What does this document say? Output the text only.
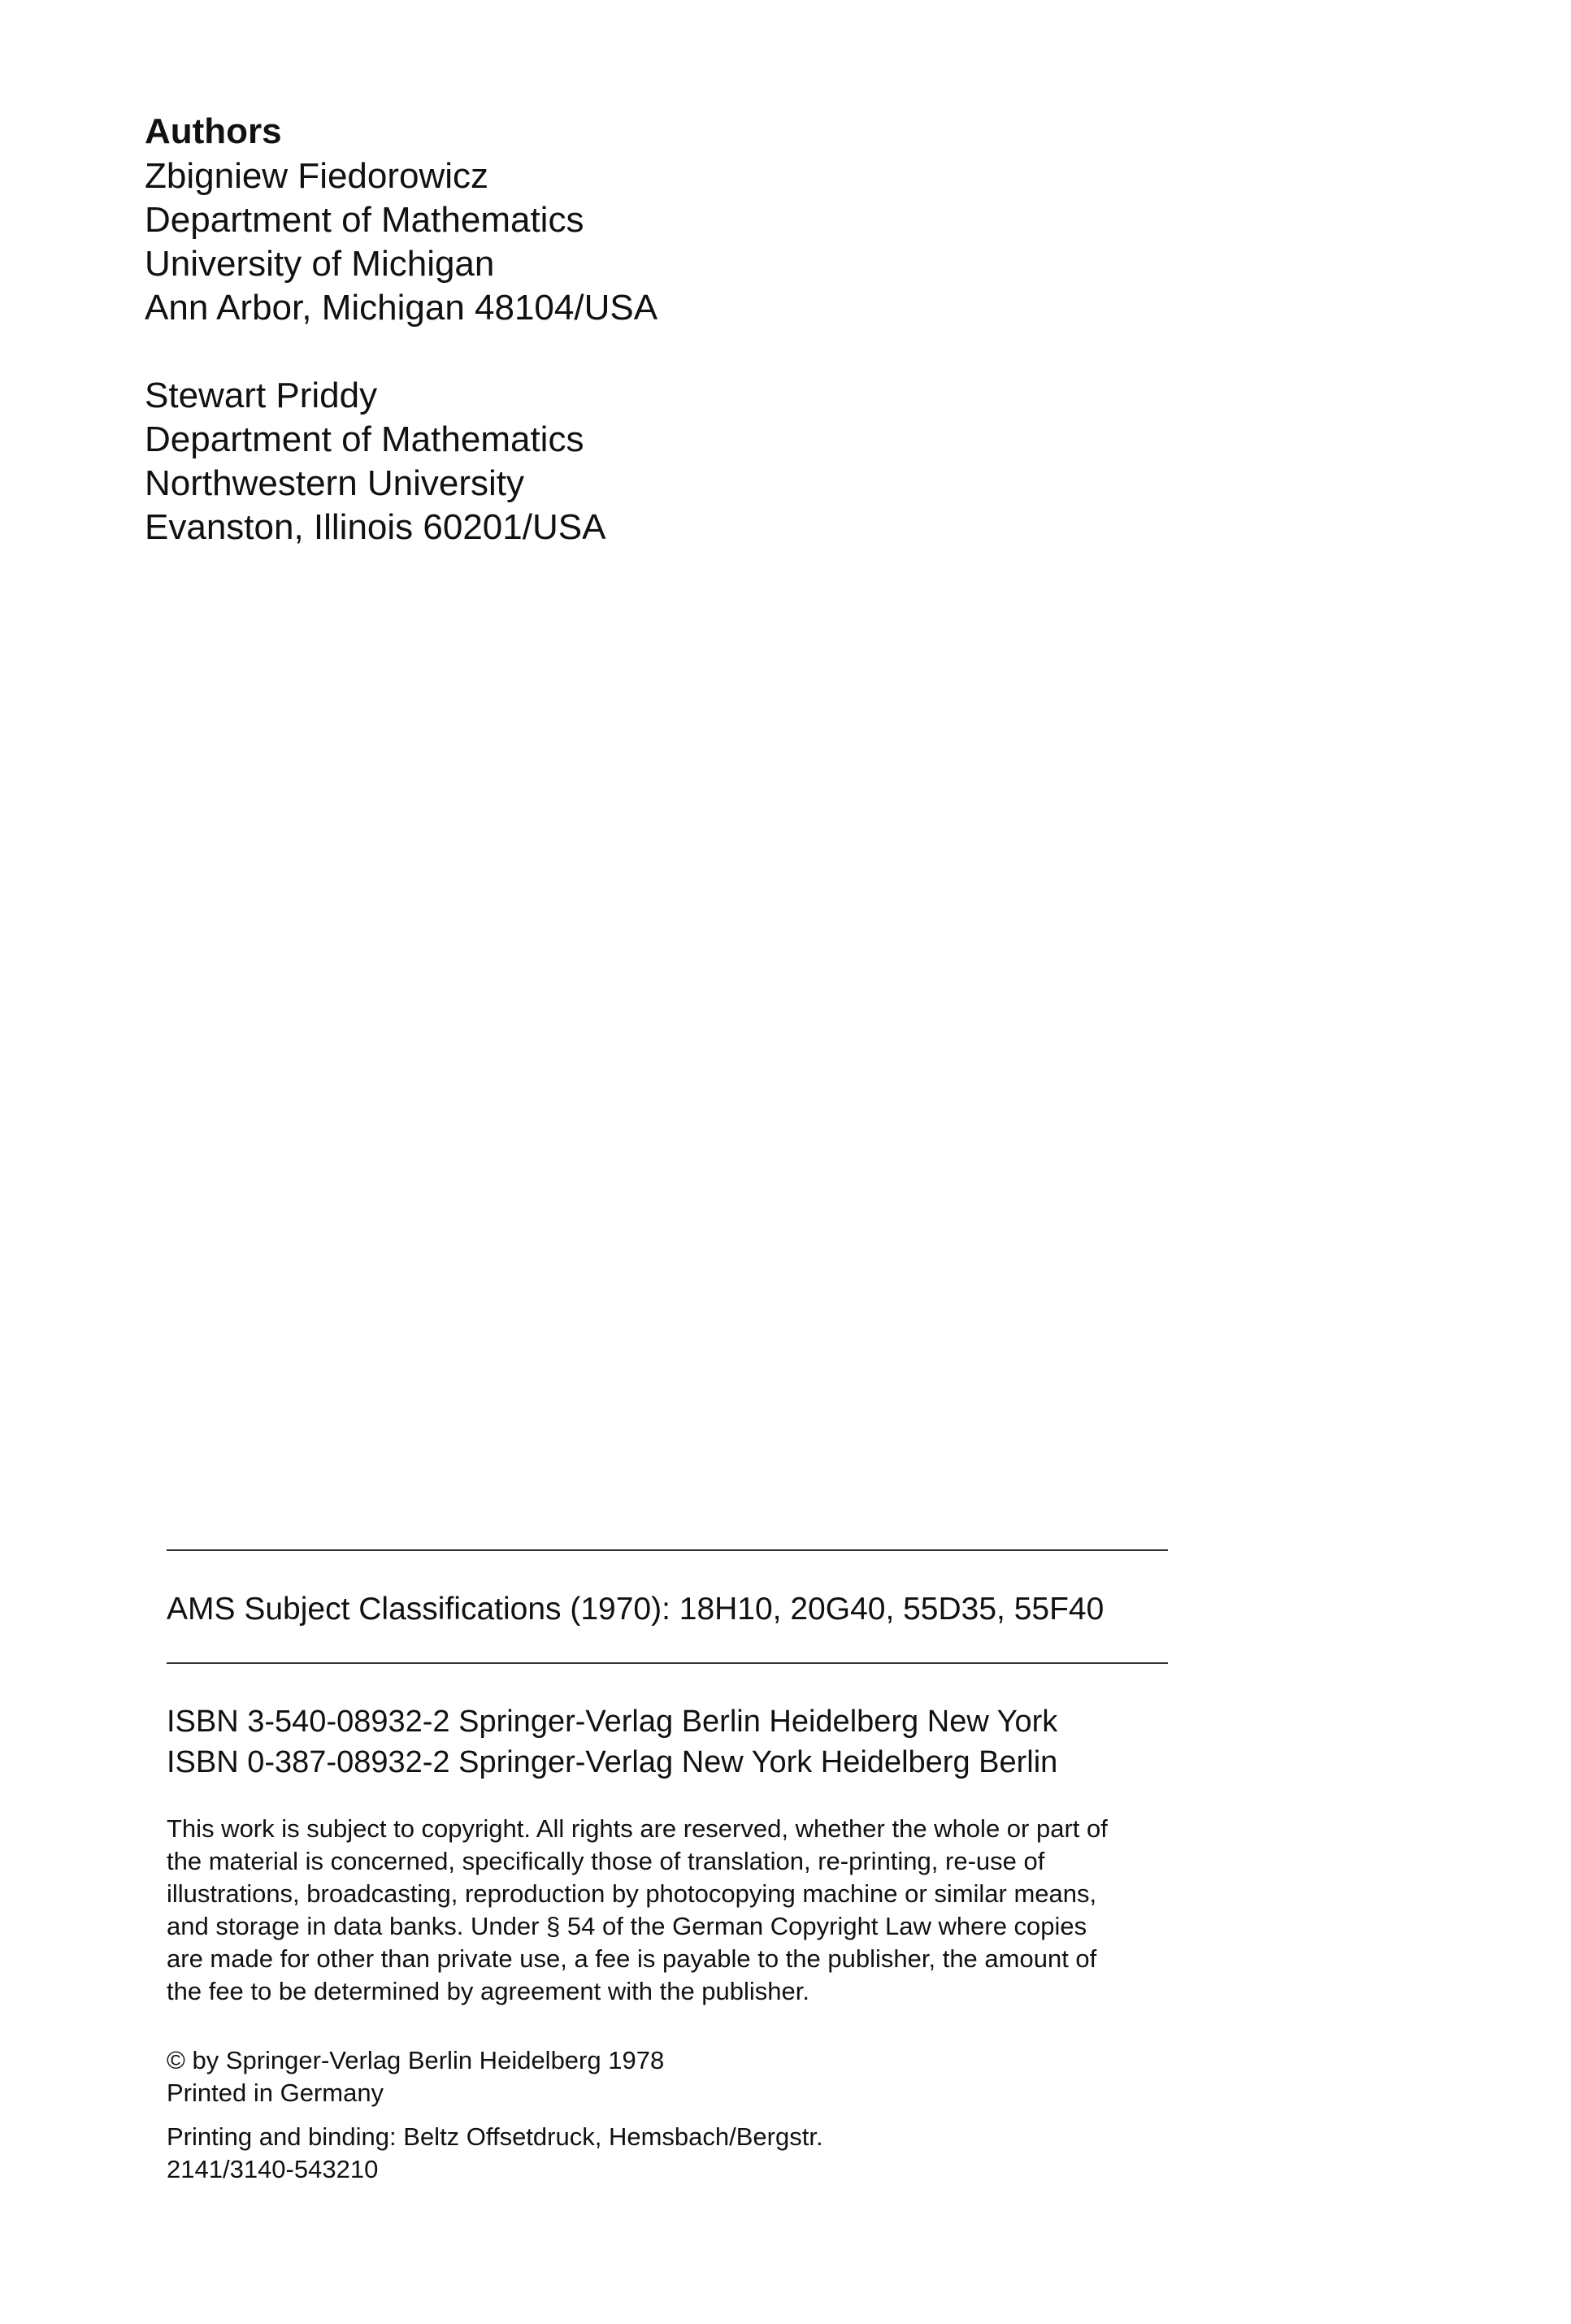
Authors
Zbigniew Fiedorowicz
Department of Mathematics
University of Michigan
Ann Arbor, Michigan 48104/USA
Stewart Priddy
Department of Mathematics
Northwestern University
Evanston, Illinois 60201/USA
AMS Subject Classifications (1970): 18H10, 20G40, 55D35, 55F40
ISBN 3-540-08932-2 Springer-Verlag Berlin Heidelberg New York
ISBN 0-387-08932-2 Springer-Verlag New York Heidelberg Berlin

This work is subject to copyright. All rights are reserved, whether the whole or part of the material is concerned, specifically those of translation, re-printing, re-use of illustrations, broadcasting, reproduction by photocopying machine or similar means, and storage in data banks. Under § 54 of the German Copyright Law where copies are made for other than private use, a fee is payable to the publisher, the amount of the fee to be determined by agreement with the publisher.

© by Springer-Verlag Berlin Heidelberg 1978
Printed in Germany
Printing and binding: Beltz Offsetdruck, Hemsbach/Bergstr.
2141/3140-543210
